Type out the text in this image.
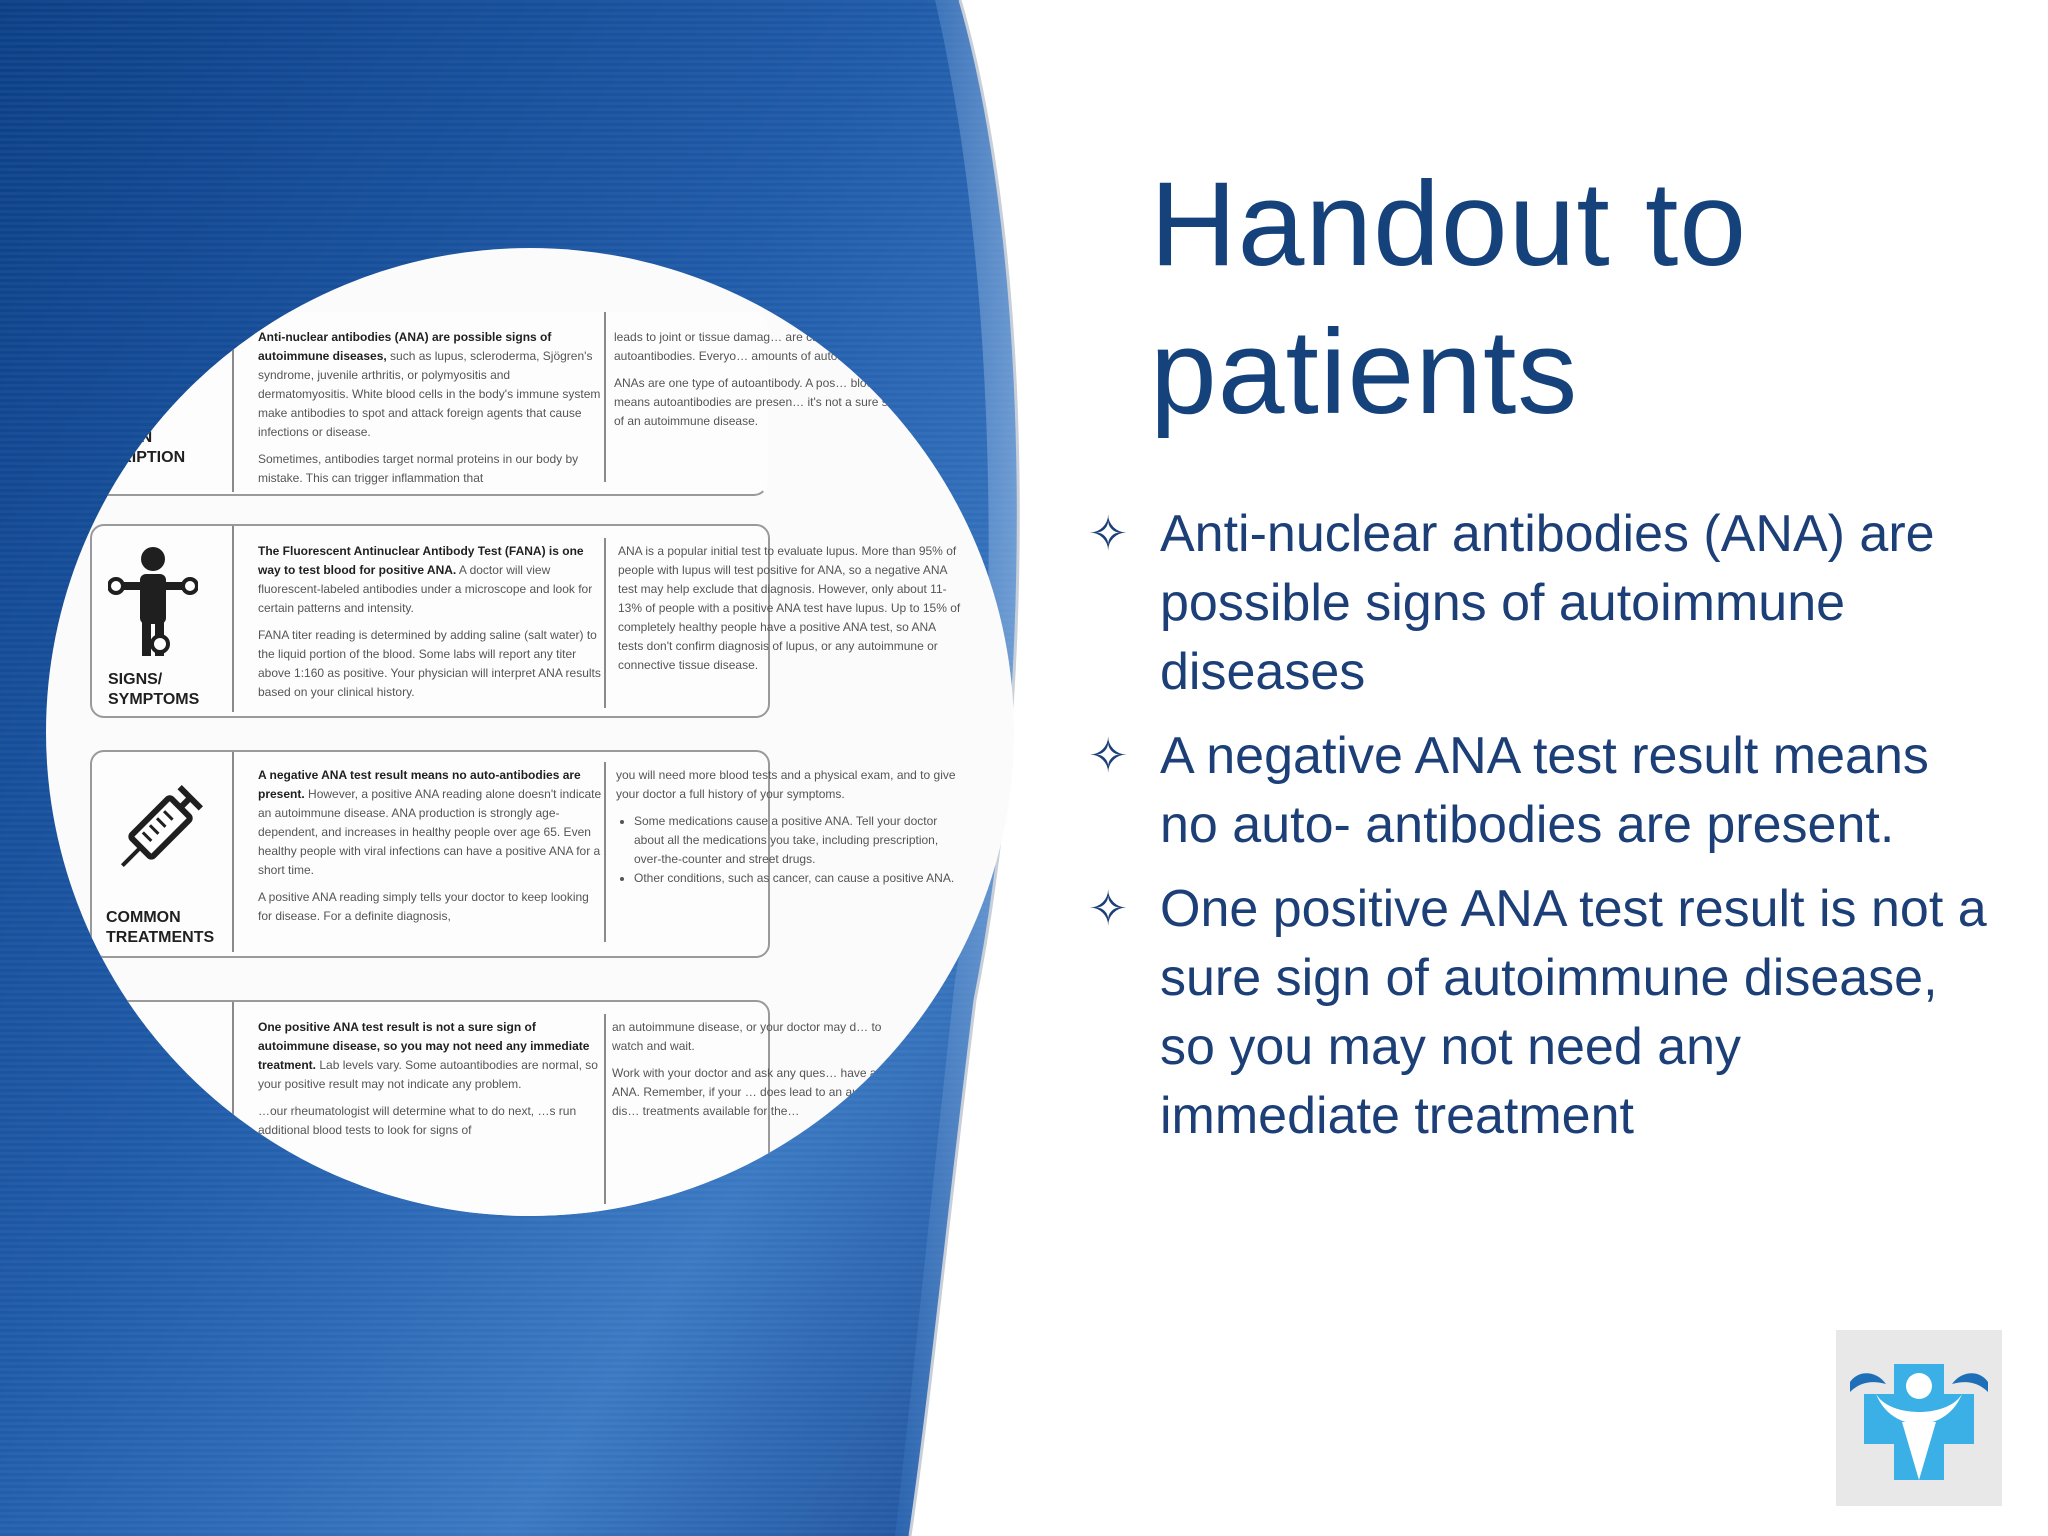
DITION
SCRIPTION

Anti-nuclear antibodies (ANA) are possible signs of autoimmune diseases, such as lupus, scleroderma, Sjögren's syndrome, juvenile arthritis, or polymyositis and dermatomyositis. White blood cells in the body's immune system make antibodies to spot and attack foreign agents that cause infections or disease.

Sometimes, antibodies target normal proteins in our body by mistake. This can trigger inflammation that

leads to joint or tissue damag… are called autoantibodies. Everyo… amounts of autoantibodies.

ANAs are one type of autoantibody. A pos… blood test means autoantibodies are presen… it's not a sure sign of an autoimmune disease.

SIGNS/
SYMPTOMS

The Fluorescent Antinuclear Antibody Test (FANA) is one way to test blood for positive ANA. A doctor will view fluorescent-labeled antibodies under a microscope and look for certain patterns and intensity.

FANA titer reading is determined by adding saline (salt water) to the liquid portion of the blood. Some labs will report any titer above 1:160 as positive. Your physician will interpret ANA results based on your clinical history.

ANA is a popular initial test to evaluate lupus. More than 95% of people with lupus will test positive for ANA, so a negative ANA test may help exclude that diagnosis. However, only about 11-13% of people with a positive ANA test have lupus. Up to 15% of completely healthy people have a positive ANA test, so ANA tests don't confirm diagnosis of lupus, or any autoimmune or connective tissue disease.

COMMON
TREATMENTS

A negative ANA test result means no auto-antibodies are present. However, a positive ANA reading alone doesn't indicate an autoimmune disease. ANA production is strongly age-dependent, and increases in healthy people over age 65. Even healthy people with viral infections can have a positive ANA for a short time.

A positive ANA reading simply tells your doctor to keep looking for disease. For a definite diagnosis,

you will need more blood tests and a physical exam, and to give your doctor a full history of your symptoms.

• Some medications cause a positive ANA. Tell your doctor about all the medications you take, including prescription, over-the-counter and street drugs.
• Other conditions, such as cancer, can cause a positive ANA.

One positive ANA test result is not a sure sign of autoimmune disease, so you may not need any immediate treatment. Lab levels vary. Some autoantibodies are normal, so your positive result may not indicate any problem.

…our rheumatologist will determine what to do next, …s run additional blood tests to look for signs of

an autoimmune disease, or your doctor may d… to watch and wait.

Work with your doctor and ask any ques… have about ANA. Remember, if your … does lead to an autoimmune dis… treatments available for the…

Handout to patients
✧ Anti-nuclear antibodies (ANA) are possible signs of autoimmune diseases
✧ A negative ANA test result means no auto- antibodies are present.
✧ One positive ANA test result is not a sure sign of autoimmune disease, so you may not need any immediate treatment
